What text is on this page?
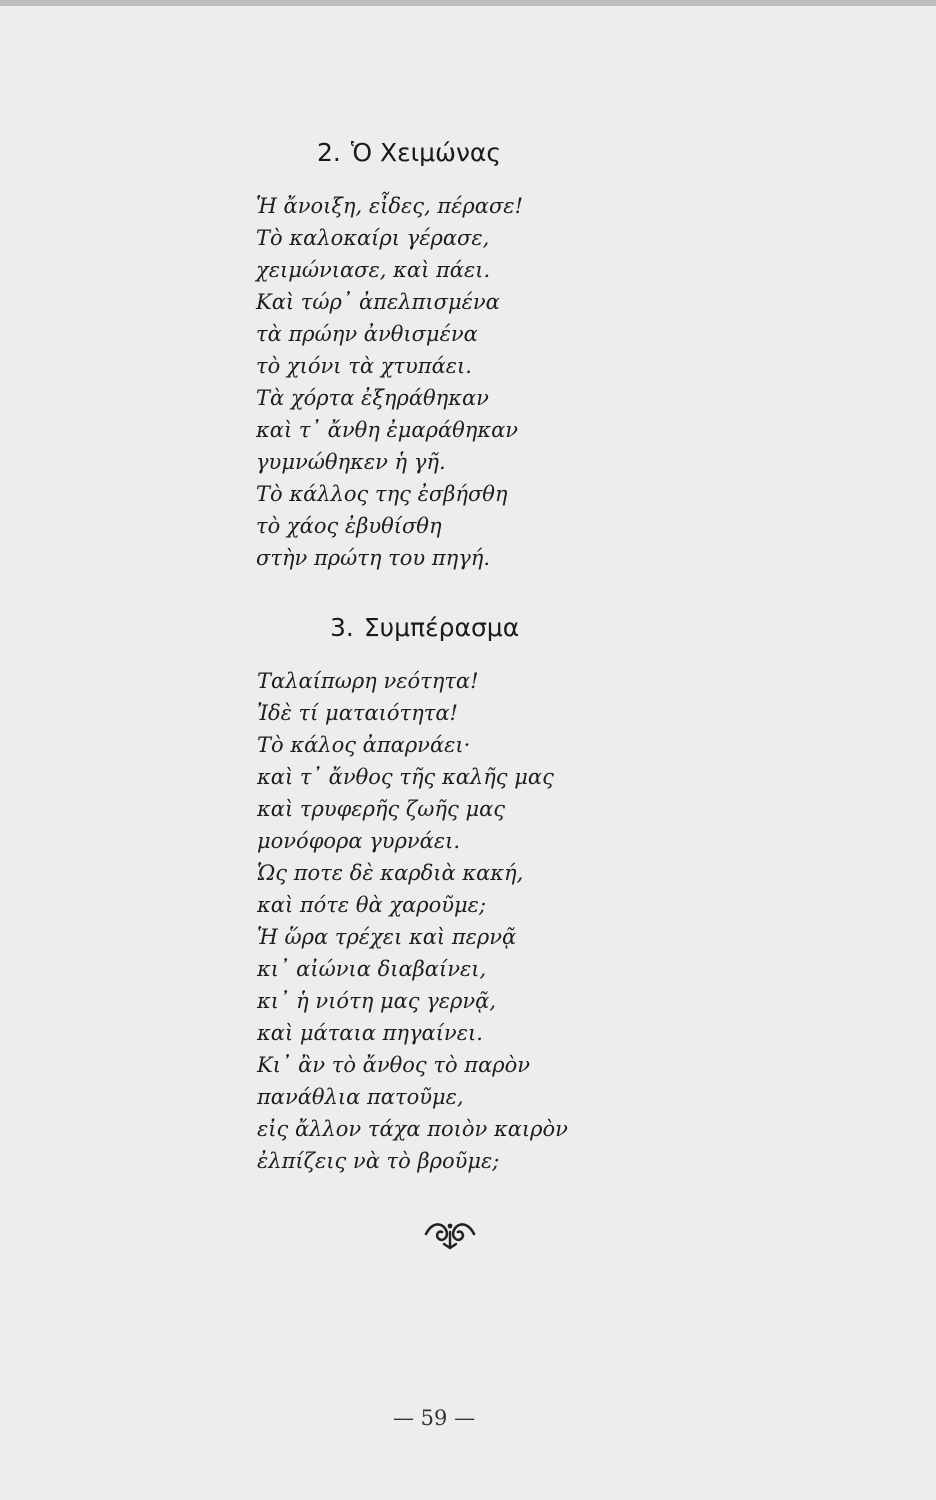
2. Ὁ Χειμώνας
Ἡ ἄνοιξη, εἶδες, πέρασε!
Τὸ καλοκαίρι γέρασε,
χειμώνιασε, καὶ πάει.
Καὶ τώρ᾿ ἀπελπισμένα
τὰ πρώην ἀνθισμένα
τὸ χιόνι τὰ χτυπάει.
Τὰ χόρτα ἐξηράθηκαν
καὶ τ᾿ ἄνθη ἐμαράθηκαν
γυμνώθηκεν ἡ γῆ.
Τὸ κάλλος της ἐσβήσθη
τὸ χάος ἐβυθίσθη
στὴν πρώτη του πηγή.
3. Συμπέρασμα
Ταλαίπωρη νεότητα!
Ἰδὲ τί ματαιότητα!
Τὸ κάλος ἀπαρνάει·
καὶ τ᾿ ἄνθος τῆς καλῆς μας
καὶ τρυφερῆς ζωῆς μας
μονόφορα γυρνάει.
Ὡς ποτε δὲ καρδιὰ κακή,
καὶ πότε θὰ χαροῦμε;
Ἡ ὥρα τρέχει καὶ περνᾷ
κι᾿ αἰώνια διαβαίνει,
κι᾿ ἡ νιότη μας γερνᾷ,
καὶ μάταια πηγαίνει.
Κι᾿ ἂν τὸ ἄνθος τὸ παρὸν
πανάθλια πατοῦμε,
εἰς ἄλλον τάχα ποιὸν καιρὸν
ἐλπίζεις νὰ τὸ βροῦμε;
— 59 —
